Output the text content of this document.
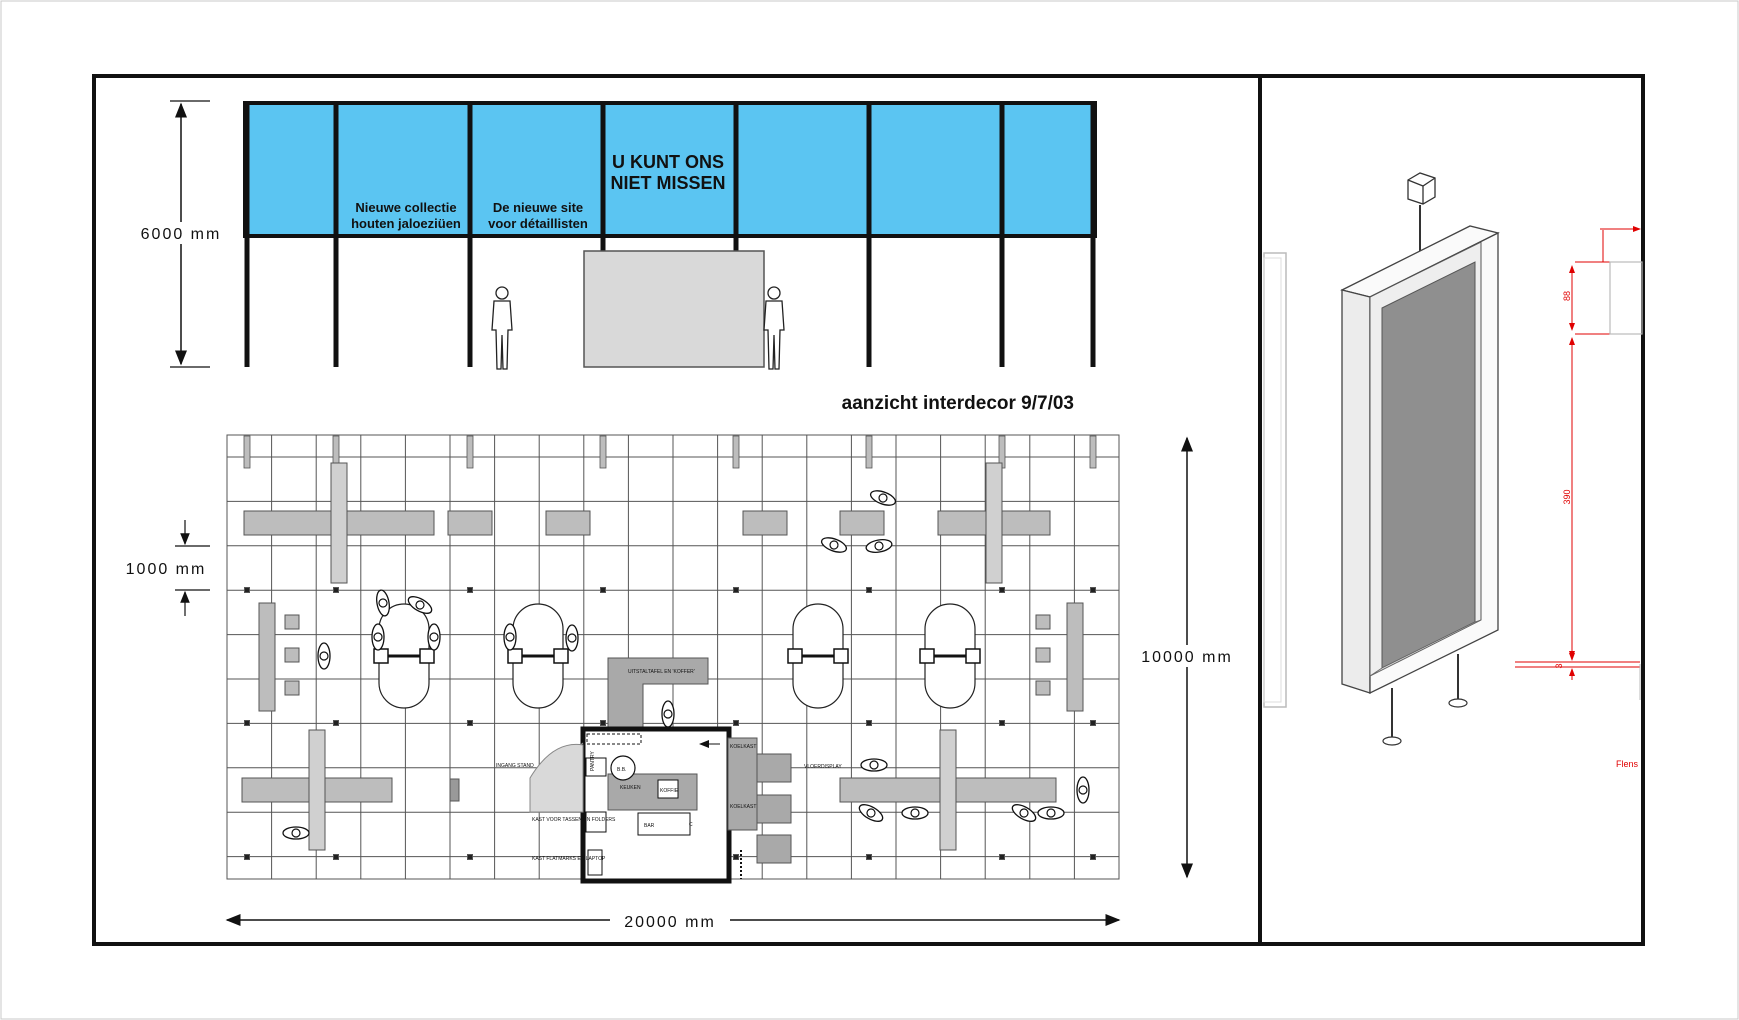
Nieuwe collectie
houten jaloeziüen
De nieuwe site
voor détaillisten
U KUNT ONS
NIET MISSEN
aanzicht interdecor 9/7/03
6000 mm
UITSTALTAFEL EN 'KOFFER'
KOELKAST
KOELKAST
B.B.
KOFFIE
BAR	C
KAST VOOR TASSEN EN FOLDERS
KAST FLATMARKS EN LAPTOP
PANTRY
INGANG STAND	VLOERDISPLAY
KEUKEN
1000 mm
10000 mm
20000 mm
88
390
3
Flens
